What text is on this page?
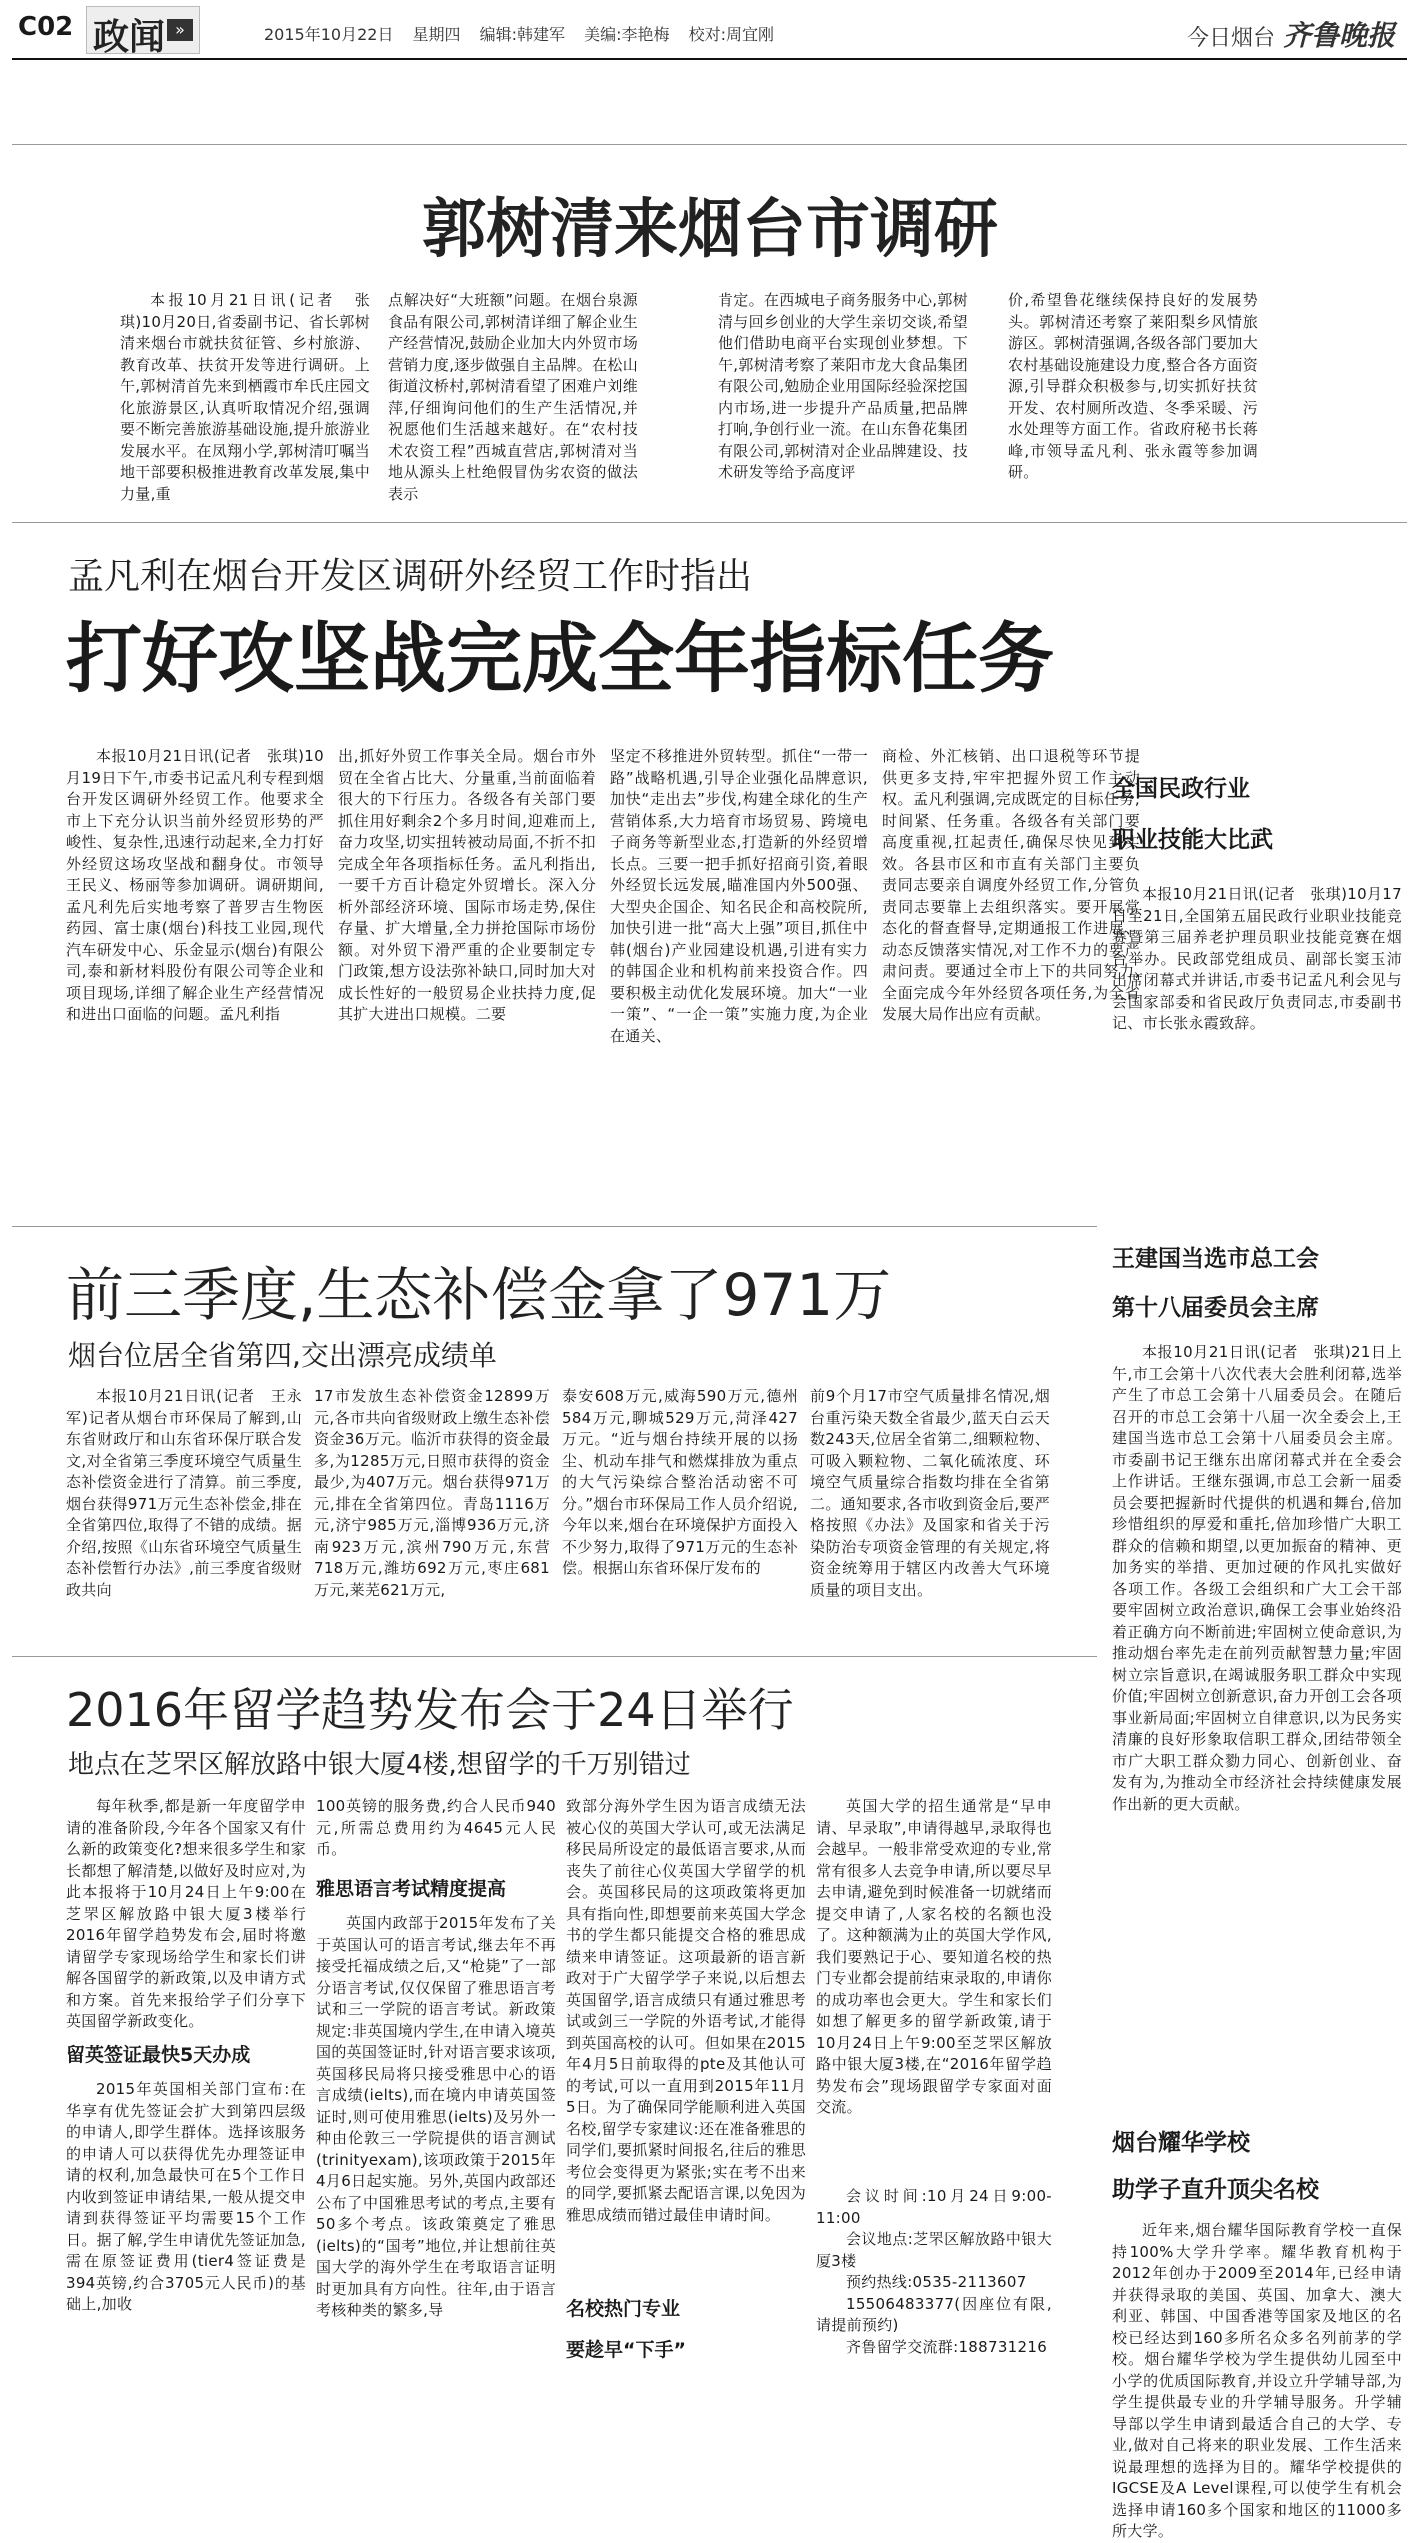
C02 政闻 »	2015年10月22日 星期四 编辑:韩建军 美编:李艳梅 校对:周宜刚	今日烟台 齐鲁晚报
郭树清来烟台市调研

本报10月21日讯(记者　张琪)10月20日,省委副书记、省长郭树清来烟台市就扶贫征管、乡村旅游、教育改革、扶贫开发等进行调研。上午,郭树清首先来到栖霞市牟氏庄园文化旅游景区,认真听取情况介绍,强调要不断完善旅游基础设施,提升旅游业发展水平。在凤翔小学,郭树清叮嘱当地干部要积极推进教育改革发展,集中力量,重

点解决好“大班额”问题。在烟台泉源食品有限公司,郭树清详细了解企业生产经营情况,鼓励企业加大内外贸市场营销力度,逐步做强自主品牌。在松山街道汶桥村,郭树清看望了困难户刘维萍,仔细询问他们的生产生活情况,并祝愿他们生活越来越好。在“农村技术农资工程”西城直营店,郭树清对当地从源头上杜绝假冒伪劣农资的做法表示

肯定。在西城电子商务服务中心,郭树清与回乡创业的大学生亲切交谈,希望他们借助电商平台实现创业梦想。下午,郭树清考察了莱阳市龙大食品集团有限公司,勉励企业用国际经验深挖国内市场,进一步提升产品质量,把品牌打响,争创行业一流。在山东鲁花集团有限公司,郭树清对企业品牌建设、技术研发等给予高度评

价,希望鲁花继续保持良好的发展势头。郭树清还考察了莱阳梨乡风情旅游区。郭树清强调,各级各部门要加大农村基础设施建设力度,整合各方面资源,引导群众积极参与,切实抓好扶贫开发、农村厕所改造、冬季采暖、污水处理等方面工作。省政府秘书长蒋峰,市领导孟凡利、张永霞等参加调研。

孟凡利在烟台开发区调研外经贸工作时指出
打好攻坚战完成全年指标任务

本报10月21日讯(记者　张琪)10月19日下午,市委书记孟凡利专程到烟台开发区调研外经贸工作。他要求全市上下充分认识当前外经贸形势的严峻性、复杂性,迅速行动起来,全力打好外经贸这场攻坚战和翻身仗。市领导王民义、杨丽等参加调研。调研期间,孟凡利先后实地考察了普罗吉生物医药园、富士康(烟台)科技工业园,现代汽车研发中心、乐金显示(烟台)有限公司,泰和新材料股份有限公司等企业和项目现场,详细了解企业生产经营情况和进出口面临的问题。孟凡利指

出,抓好外贸工作事关全局。烟台市外贸在全省占比大、分量重,当前面临着很大的下行压力。各级各有关部门要抓住用好剩余2个多月时间,迎难而上,奋力攻坚,切实扭转被动局面,不折不扣完成全年各项指标任务。孟凡利指出,一要千方百计稳定外贸增长。深入分析外部经济环境、国际市场走势,保住存量、扩大增量,全力拼抢国际市场份额。对外贸下滑严重的企业要制定专门政策,想方设法弥补缺口,同时加大对成长性好的一般贸易企业扶持力度,促其扩大进出口规模。二要

坚定不移推进外贸转型。抓住“一带一路”战略机遇,引导企业强化品牌意识,加快“走出去”步伐,构建全球化的生产营销体系,大力培育市场贸易、跨境电子商务等新型业态,打造新的外经贸增长点。三要一把手抓好招商引资,着眼外经贸长远发展,瞄准国内外500强、大型央企国企、知名民企和高校院所,加快引进一批“高大上强”项目,抓住中韩(烟台)产业园建设机遇,引进有实力的韩国企业和机构前来投资合作。四要积极主动优化发展环境。加大“一业一策”、“一企一策”实施力度,为企业在通关、

商检、外汇核销、出口退税等环节提供更多支持,牢牢把握外贸工作主动权。孟凡利强调,完成既定的目标任务,时间紧、任务重。各级各有关部门要高度重视,扛起责任,确保尽快见到实效。各县市区和市直有关部门主要负责同志要亲自调度外经贸工作,分管负责同志要靠上去组织落实。要开展常态化的督查督导,定期通报工作进展、动态反馈落实情况,对工作不力的要严肃问责。要通过全市上下的共同努力,全面完成今年外经贸各项任务,为全省发展大局作出应有贡献。

全国民政行业
职业技能大比武

本报10月21日讯(记者　张琪)10月17日至21日,全国第五届民政行业职业技能竞赛暨第三届养老护理员职业技能竞赛在烟台举办。民政部党组成员、副部长窦玉沛出席闭幕式并讲话,市委书记孟凡利会见与会国家部委和省民政厅负责同志,市委副书记、市长张永霞致辞。

前三季度,生态补偿金拿了971万
烟台位居全省第四,交出漂亮成绩单

本报10月21日讯(记者　王永军)记者从烟台市环保局了解到,山东省财政厅和山东省环保厅联合发文,对全省第三季度环境空气质量生态补偿资金进行了清算。前三季度,烟台获得971万元生态补偿金,排在全省第四位,取得了不错的成绩。据介绍,按照《山东省环境空气质量生态补偿暂行办法》,前三季度省级财政共向

17市发放生态补偿资金12899万元,各市共向省级财政上缴生态补偿资金36万元。临沂市获得的资金最多,为1285万元,日照市获得的资金最少,为407万元。烟台获得971万元,排在全省第四位。青岛1116万元,济宁985万元,淄博936万元,济南923万元,滨州790万元,东营718万元,潍坊692万元,枣庄681万元,莱芜621万元,

泰安608万元,威海590万元,德州584万元,聊城529万元,菏泽427万元。“近与烟台持续开展的以扬尘、机动车排气和燃煤排放为重点的大气污染综合整治活动密不可分。”烟台市环保局工作人员介绍说,今年以来,烟台在环境保护方面投入不少努力,取得了971万元的生态补偿。根据山东省环保厅发布的

前9个月17市空气质量排名情况,烟台重污染天数全省最少,蓝天白云天数243天,位居全省第二,细颗粒物、可吸入颗粒物、二氧化硫浓度、环境空气质量综合指数均排在全省第二。通知要求,各市收到资金后,要严格按照《办法》及国家和省关于污染防治专项资金管理的有关规定,将资金统筹用于辖区内改善大气环境质量的项目支出。

王建国当选市总工会
第十八届委员会主席

本报10月21日讯(记者　张琪)21日上午,市工会第十八次代表大会胜利闭幕,选举产生了市总工会第十八届委员会。在随后召开的市总工会第十八届一次全委会上,王建国当选市总工会第十八届委员会主席。市委副书记王继东出席闭幕式并在全委会上作讲话。王继东强调,市总工会新一届委员会要把握新时代提供的机遇和舞台,倍加珍惜组织的厚爱和重托,倍加珍惜广大职工群众的信赖和期望,以更加振奋的精神、更加务实的举措、更加过硬的作风扎实做好各项工作。各级工会组织和广大工会干部要牢固树立政治意识,确保工会事业始终沿着正确方向不断前进;牢固树立使命意识,为推动烟台率先走在前列贡献智慧力量;牢固树立宗旨意识,在竭诚服务职工群众中实现价值;牢固树立创新意识,奋力开创工会各项事业新局面;牢固树立自律意识,以为民务实清廉的良好形象取信职工群众,团结带领全市广大职工群众勠力同心、创新创业、奋发有为,为推动全市经济社会持续健康发展作出新的更大贡献。

2016年留学趋势发布会于24日举行
地点在芝罘区解放路中银大厦4楼,想留学的千万别错过

每年秋季,都是新一年度留学申请的准备阶段,今年各个国家又有什么新的政策变化?想来很多学生和家长都想了解清楚,以做好及时应对,为此本报将于10月24日上午9:00在芝罘区解放路中银大厦3楼举行2016年留学趋势发布会,届时将邀请留学专家现场给学生和家长们讲解各国留学的新政策,以及申请方式和方案。首先来报给学子们分享下英国留学新政变化。

留英签证最快5天办成

2015年英国相关部门宣布:在华享有优先签证会扩大到第四层级的申请人,即学生群体。选择该服务的申请人可以获得优先办理签证申请的权利,加急最快可在5个工作日内收到签证申请结果,一般从提交申请到获得签证平均需要15个工作日。据了解,学生申请优先签证加急,需在原签证费用(tier4签证费是394英镑,约合3705元人民币)的基础上,加收

100英镑的服务费,约合人民币940元,所需总费用约为4645元人民币。

雅思语言考试精度提高

英国内政部于2015年发布了关于英国认可的语言考试,继去年不再接受托福成绩之后,又“枪毙”了一部分语言考试,仅仅保留了雅思语言考试和三一学院的语言考试。新政策规定:非英国境内学生,在申请入境英国的英国签证时,针对语言要求该项,英国移民局将只接受雅思中心的语言成绩(ielts),而在境内申请英国签证时,则可使用雅思(ielts)及另外一种由伦敦三一学院提供的语言测试(trinityexam),该项政策于2015年4月6日起实施。另外,英国内政部还公布了中国雅思考试的考点,主要有50多个考点。该政策奠定了雅思(ielts)的“国考”地位,并让想前往英国大学的海外学生在考取语言证明时更加具有方向性。往年,由于语言考核种类的繁多,导

致部分海外学生因为语言成绩无法被心仪的英国大学认可,或无法满足移民局所设定的最低语言要求,从而丧失了前往心仪英国大学留学的机会。英国移民局的这项政策将更加具有指向性,即想要前来英国大学念书的学生都只能提交合格的雅思成绩来申请签证。这项最新的语言新政对于广大留学学子来说,以后想去英国留学,语言成绩只有通过雅思考试或剑三一学院的外语考试,才能得到英国高校的认可。但如果在2015年4月5日前取得的pte及其他认可的考试,可以一直用到2015年11月5日。为了确保同学能顺利进入英国名校,留学专家建议:还在准备雅思的同学们,要抓紧时间报名,往后的雅思考位会变得更为紧张;实在考不出来的同学,要抓紧去配语言课,以免因为雅思成绩而错过最佳申请时间。

名校热门专业
要趁早“下手”

英国大学的招生通常是“早申请、早录取”,申请得越早,录取得也会越早。一般非常受欢迎的专业,常常有很多人去竞争申请,所以要尽早去申请,避免到时候准备一切就绪而提交申请了,人家名校的名额也没了。这种额满为止的英国大学作风,我们要熟记于心、要知道名校的热门专业都会提前结束录取的,申请你的成功率也会更大。学生和家长们如想了解更多的留学新政策,请于10月24日上午9:00至芝罘区解放路中银大厦3楼,在“2016年留学趋势发布会”现场跟留学专家面对面交流。

会议时间:10月24日9:00-11:00

会议地点:芝罘区解放路中银大厦3楼

预约热线:0535-2113607

15506483377(因座位有限,请提前预约)

齐鲁留学交流群:188731216

烟台耀华学校
助学子直升顶尖名校

近年来,烟台耀华国际教育学校一直保持100%大学升学率。耀华教育机构于2012年创办于2009至2014年,已经申请并获得录取的美国、英国、加拿大、澳大利亚、韩国、中国香港等国家及地区的名校已经达到160多所名众多名列前茅的学校。烟台耀华学校为学生提供幼儿园至中小学的优质国际教育,并设立升学辅导部,为学生提供最专业的升学辅导服务。升学辅导部以学生申请到最适合自己的大学、专业,做对自己将来的职业发展、工作生活来说最理想的选择为目的。耀华学校提供的IGCSE及A Level课程,可以使学生有机会选择申请160多个国家和地区的11000多所大学。
